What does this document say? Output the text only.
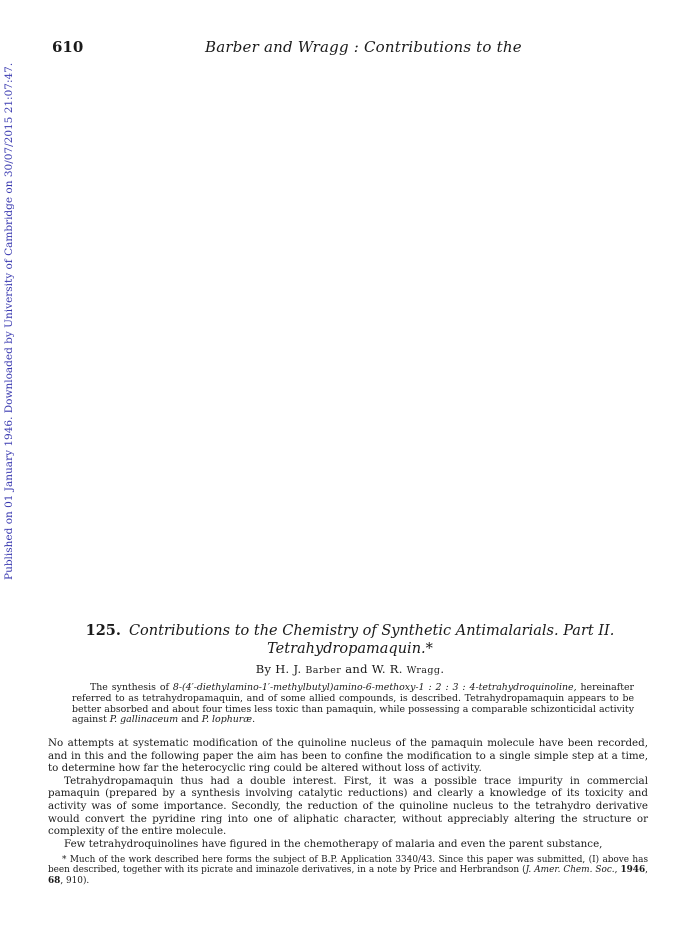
610	Barber and Wragg : Contributions to the
Published on 01 January 1946. Downloaded by University of Cambridge on 30/07/2015 21:07:47.
125. Contributions to the Chemistry of Synthetic Antimalarials. Part II.
Tetrahydropamaquin.*
By H. J. Barber and W. R. Wragg.
The synthesis of 8-(4′-diethylamino-1′-methylbutyl)amino-6-methoxy-1 : 2 : 3 : 4-tetrahydroquinoline, hereinafter referred to as tetrahydropamaquin, and of some allied compounds, is described. Tetrahydropamaquin appears to be better absorbed and about four times less toxic than pamaquin, while possessing a comparable schizonticidal activity against P. gallinaceum and P. lophuræ.

No attempts at systematic modification of the quinoline nucleus of the pamaquin molecule have been recorded, and in this and the following paper the aim has been to confine the modification to a single simple step at a time, to determine how far the heterocyclic ring could be altered without loss of activity.

Tetrahydropamaquin thus had a double interest. First, it was a possible trace impurity in commercial pamaquin (prepared by a synthesis involving catalytic reductions) and clearly a knowledge of its toxicity and activity was of some importance. Secondly, the reduction of the quinoline nucleus to the tetrahydro derivative would convert the pyridine ring into one of aliphatic character, without appreciably altering the structure or complexity of the entire molecule.

Few tetrahydroquinolines have figured in the chemotherapy of malaria and even the parent substance,

* Much of the work described here forms the subject of B.P. Application 3340/43. Since this paper was submitted, (I) above has been described, together with its picrate and iminazole derivatives, in a note by Price and Herbrandson (J. Amer. Chem. Soc., 1946, 68, 910).
